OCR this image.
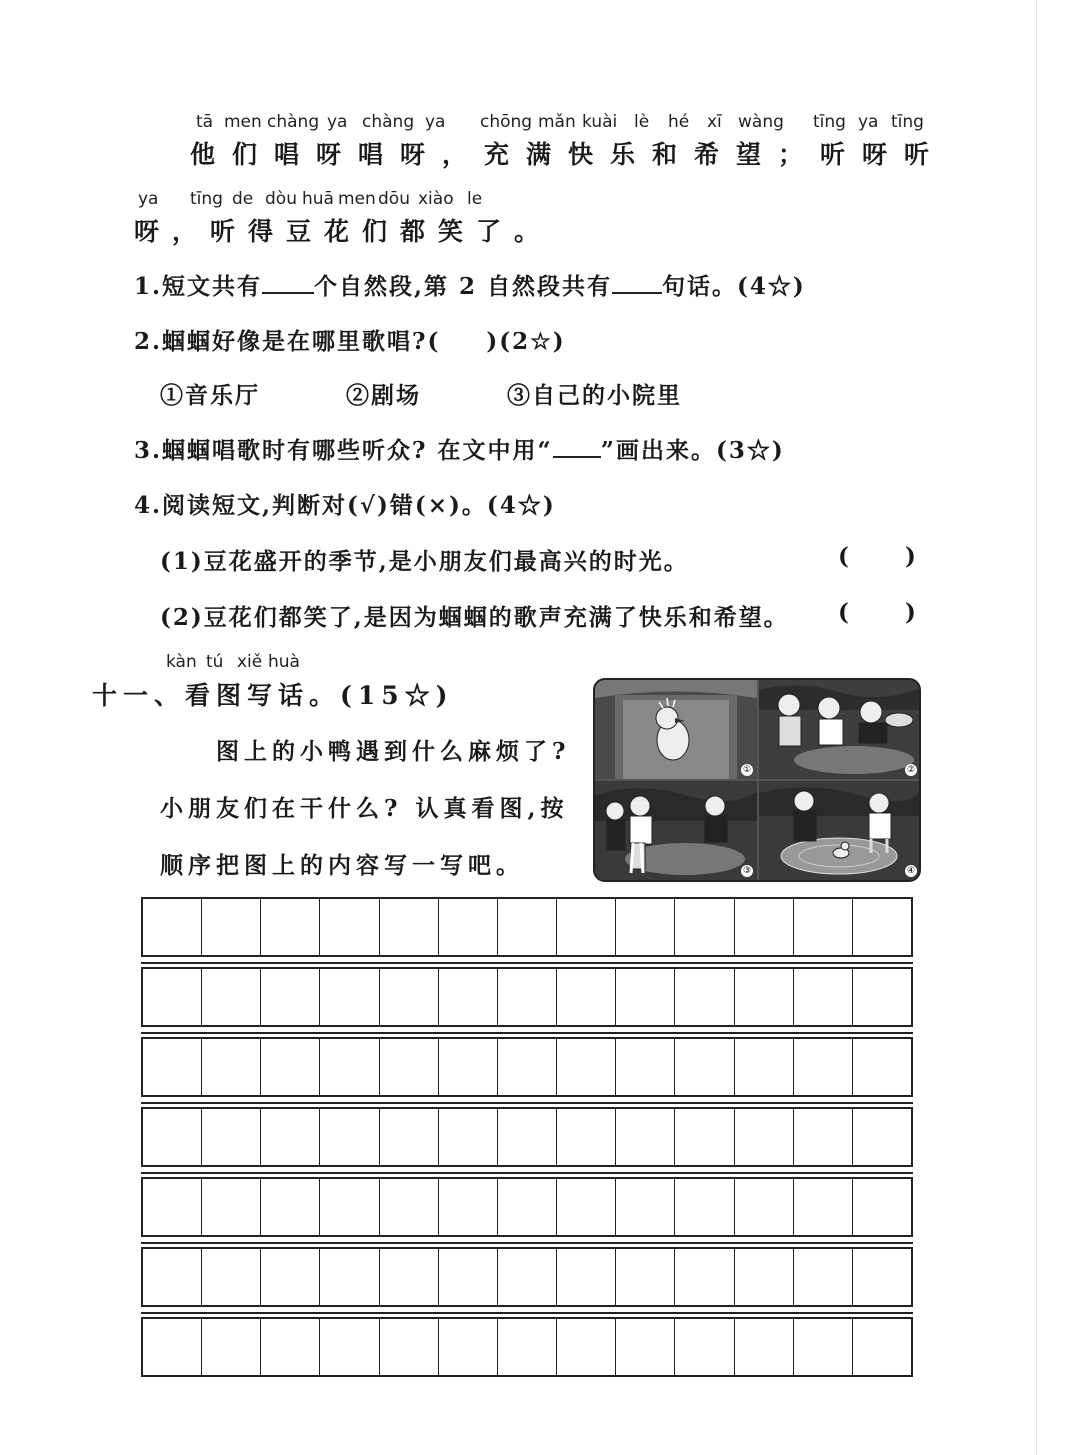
tā men chàng ya chàng ya chōng mǎn kuài lè hé xī wàng tīng ya tīng
他们唱呀唱呀，充满快乐和希望；听呀听
ya tīng de dòu huā men dōu xiào le
呀，听得豆花们都笑了。
1.短文共有 个自然段,第 2 自然段共有 句话。(4☆)
2.蝈蝈好像是在哪里歌唱?( )(2☆)
①音乐厅	②剧场	③自己的小院里
3.蝈蝈唱歌时有哪些听众? 在文中用“ ”画出来。(3☆)
4.阅读短文,判断对(√)错(×)。(4☆)
(1)豆花盛开的季节,是小朋友们最高兴的时光。	( )
(2)豆花们都笑了,是因为蝈蝈的歌声充满了快乐和希望。 ( )
kàn tú xiě huà
十一、看图写话。(15☆)
图上的小鸭遇到什么麻烦了?
小朋友们在干什么? 认真看图,按
顺序把图上的内容写一写吧。
①	②
③	④
